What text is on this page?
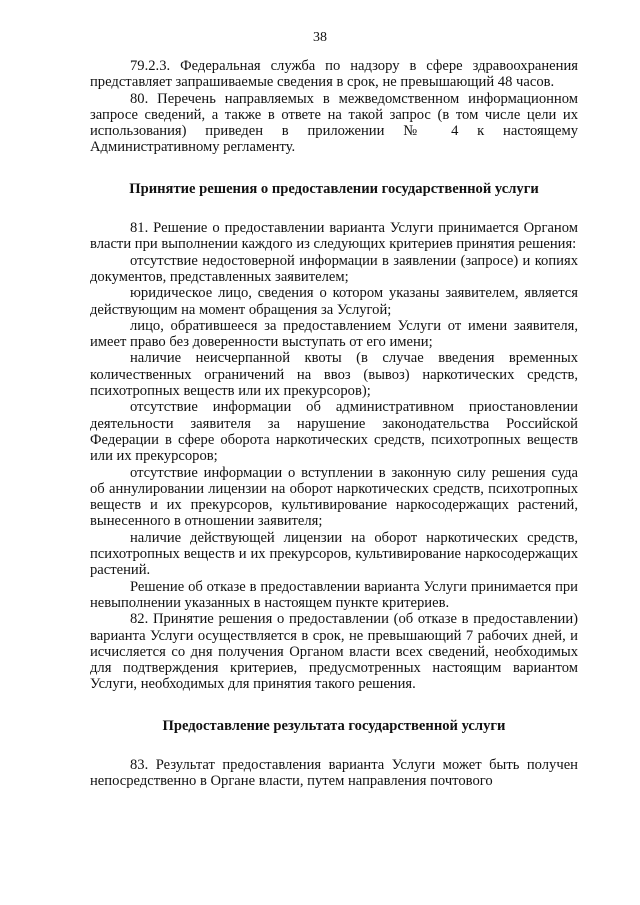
38

79.2.3. Федеральная служба по надзору в сфере здравоохранения представляет запрашиваемые сведения в срок, не превышающий 48 часов.

80. Перечень направляемых в межведомственном информационном запросе сведений, а также в ответе на такой запрос (в том числе цели их использования) приведен в приложении № 4 к настоящему Административному регламенту.

Принятие решения о предоставлении государственной услуги

81. Решение о предоставлении варианта Услуги принимается Органом власти при выполнении каждого из следующих критериев принятия решения:

отсутствие недостоверной информации в заявлении (запросе) и копиях документов, представленных заявителем;

юридическое лицо, сведения о котором указаны заявителем, является действующим на момент обращения за Услугой;

лицо, обратившееся за предоставлением Услуги от имени заявителя, имеет право без доверенности выступать от его имени;

наличие неисчерпанной квоты (в случае введения временных количественных ограничений на ввоз (вывоз) наркотических средств, психотропных веществ или их прекурсоров);

отсутствие информации об административном приостановлении деятельности заявителя за нарушение законодательства Российской Федерации в сфере оборота наркотических средств, психотропных веществ или их прекурсоров;

отсутствие информации о вступлении в законную силу решения суда об аннулировании лицензии на оборот наркотических средств, психотропных веществ и их прекурсоров, культивирование наркосодержащих растений, вынесенного в отношении заявителя;

наличие действующей лицензии на оборот наркотических средств, психотропных веществ и их прекурсоров, культивирование наркосодержащих растений.

Решение об отказе в предоставлении варианта Услуги принимается при невыполнении указанных в настоящем пункте критериев.

82. Принятие решения о предоставлении (об отказе в предоставлении) варианта Услуги осуществляется в срок, не превышающий 7 рабочих дней, и исчисляется со дня получения Органом власти всех сведений, необходимых для подтверждения критериев, предусмотренных настоящим вариантом Услуги, необходимых для принятия такого решения.

Предоставление результата государственной услуги

83. Результат предоставления варианта Услуги может быть получен непосредственно в Органе власти, путем направления почтового
